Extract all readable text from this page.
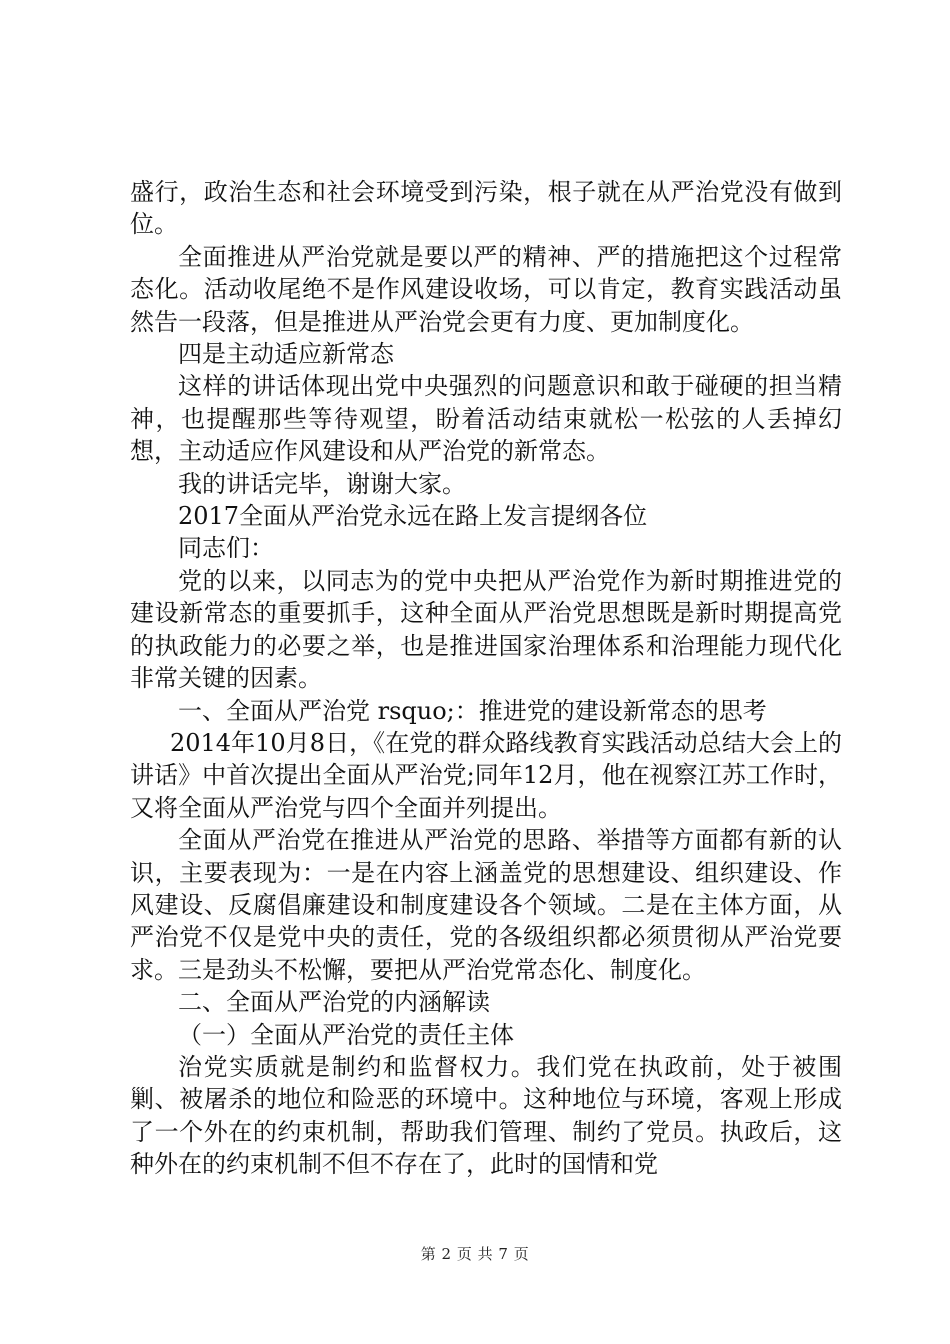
盛行，政治生态和社会环境受到污染，根子就在从严治党没有做到位。

全面推进从严治党就是要以严的精神、严的措施把这个过程常态化。活动收尾绝不是作风建设收场，可以肯定，教育实践活动虽然告一段落，但是推进从严治党会更有力度、更加制度化。

四是主动适应新常态

这样的讲话体现出党中央强烈的问题意识和敢于碰硬的担当精神，也提醒那些等待观望，盼着活动结束就松一松弦的人丢掉幻想，主动适应作风建设和从严治党的新常态。

我的讲话完毕，谢谢大家。

2017全面从严治党永远在路上发言提纲各位

同志们：

党的以来，以同志为的党中央把从严治党作为新时期推进党的建设新常态的重要抓手，这种全面从严治党思想既是新时期提高党的执政能力的必要之举，也是推进国家治理体系和治理能力现代化非常关键的因素。

一、全面从严治党 rsquo;：推进党的建设新常态的思考

2014年10月8日，《在党的群众路线教育实践活动总结大会上的讲话》中首次提出全面从严治党;同年12月，他在视察江苏工作时，又将全面从严治党与四个全面并列提出。

全面从严治党在推进从严治党的思路、举措等方面都有新的认识，主要表现为：一是在内容上涵盖党的思想建设、组织建设、作风建设、反腐倡廉建设和制度建设各个领域。二是在主体方面，从严治党不仅是党中央的责任，党的各级组织都必须贯彻从严治党要求。三是劲头不松懈，要把从严治党常态化、制度化。

二、全面从严治党的内涵解读

（一）全面从严治党的责任主体

治党实质就是制约和监督权力。我们党在执政前，处于被围剿、被屠杀的地位和险恶的环境中。这种地位与环境，客观上形成了一个外在的约束机制，帮助我们管理、制约了党员。执政后，这种外在的约束机制不但不存在了，此时的国情和党

第 2 页 共 7 页
